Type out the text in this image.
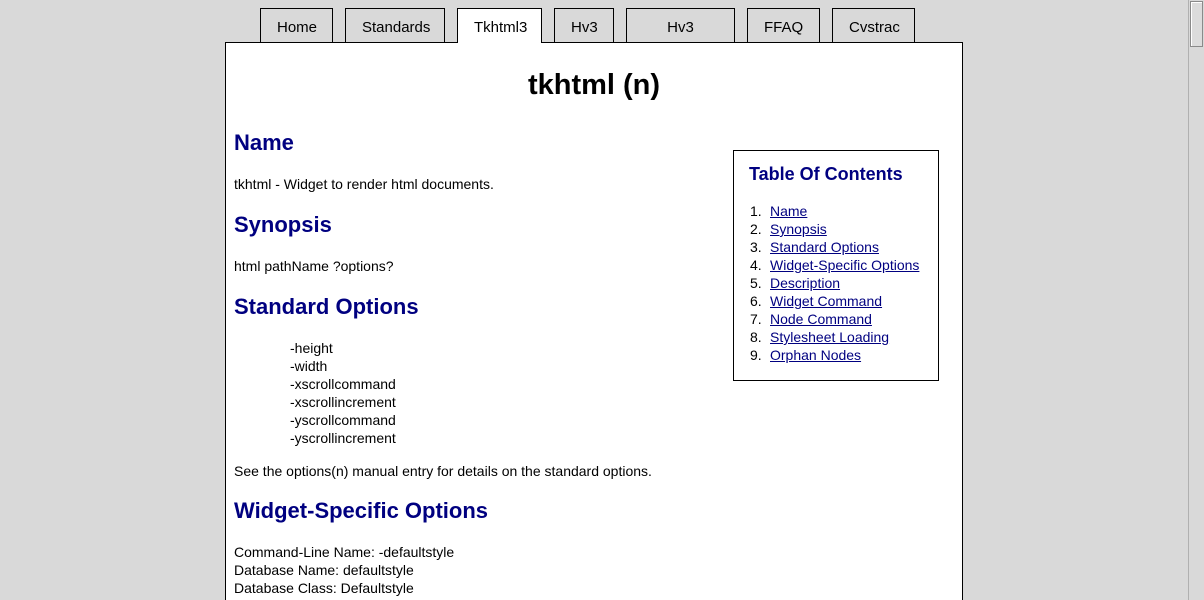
Home	Standards	Tkhtml3	Hv3	Hv3	FFAQ	Cvstrac
tkhtml (n)
Name

tkhtml - Widget to render html documents.

Synopsis

html pathName ?options?

Standard Options
-height
-width
-xscrollcommand
-xscrollincrement
-yscrollcommand
-yscrollincrement

See the options(n) manual entry for details on the standard options.

Widget-Specific Options

Command-Line Name: -defaultstyle

Database Name: defaultstyle

Database Class: Defaultstyle

Table Of Contents
1. Name
2. Synopsis
3. Standard Options
4. Widget-Specific Options
5. Description
6. Widget Command
7. Node Command
8. Stylesheet Loading
9. Orphan Nodes
